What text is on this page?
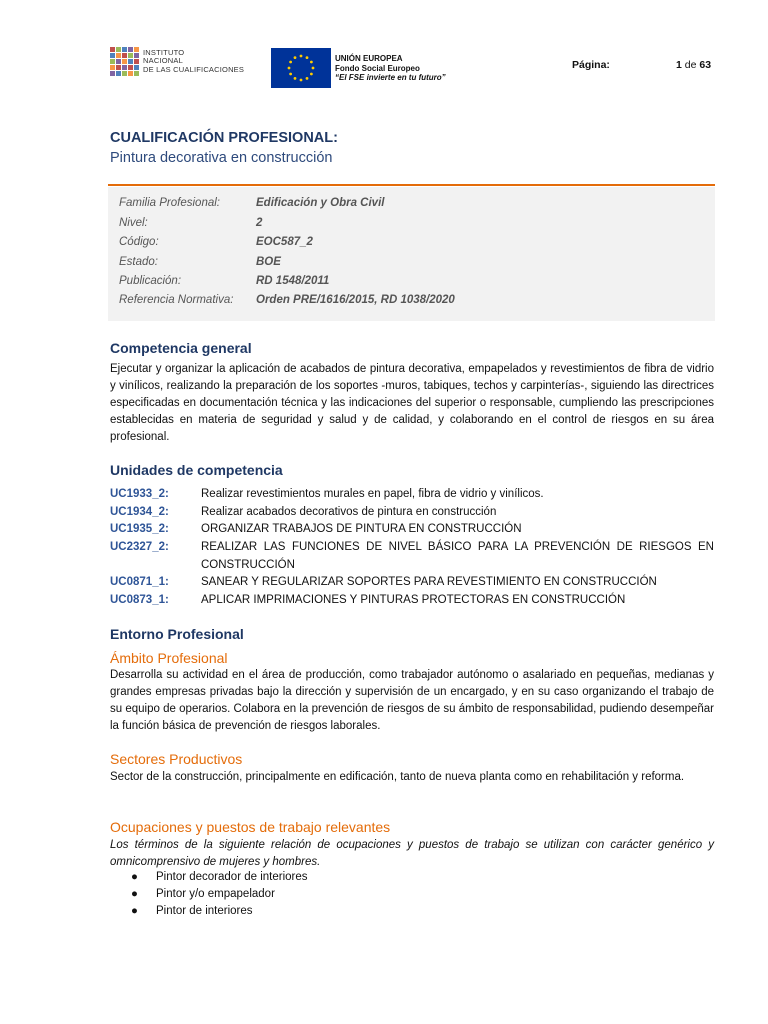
INSTITUTO
NACIONAL
DE LAS CUALIFICACIONES
UNIÓN EUROPEA
Fondo Social Europeo
“El FSE invierte en tu futuro”
Página:	1 de 63
CUALIFICACIÓN PROFESIONAL:
Pintura decorativa en construcción
Familia Profesional:	Edificación y Obra Civil
Nivel:	2
Código:	EOC587_2
Estado:	BOE
Publicación:	RD 1548/2011
Referencia Normativa: Orden PRE/1616/2015, RD 1038/2020
Competencia general
Ejecutar y organizar la aplicación de acabados de pintura decorativa, empapelados y revestimientos de fibra de vidrio y vinílicos, realizando la preparación de los soportes -muros, tabiques, techos y carpinterías-, siguiendo las directrices especificadas en documentación técnica y las indicaciones del superior o responsable, cumpliendo las prescripciones establecidas en materia de seguridad y salud y de calidad, y colaborando en el control de riesgos en su área profesional.
Unidades de competencia
UC1933_2:	Realizar revestimientos murales en papel, fibra de vidrio y vinílicos.
UC1934_2:	Realizar acabados decorativos de pintura en construcción
UC1935_2:	ORGANIZAR TRABAJOS DE PINTURA EN CONSTRUCCIÓN
UC2327_2:	REALIZAR LAS FUNCIONES DE NIVEL BÁSICO PARA LA PREVENCIÓN DE RIESGOS EN CONSTRUCCIÓN
UC0871_1:	SANEAR Y REGULARIZAR SOPORTES PARA REVESTIMIENTO EN CONSTRUCCIÓN
UC0873_1:	APLICAR IMPRIMACIONES Y PINTURAS PROTECTORAS EN CONSTRUCCIÓN
Entorno Profesional
Ámbito Profesional
Desarrolla su actividad en el área de producción, como trabajador autónomo o asalariado en pequeñas, medianas y grandes empresas privadas bajo la dirección y supervisión de un encargado, y en su caso organizando el trabajo de su equipo de operarios. Colabora en la prevención de riesgos de su ámbito de responsabilidad, pudiendo desempeñar la función básica de prevención de riesgos laborales.
Sectores Productivos
Sector de la construcción, principalmente en edificación, tanto de nueva planta como en rehabilitación y reforma.
Ocupaciones y puestos de trabajo relevantes
Los términos de la siguiente relación de ocupaciones y puestos de trabajo se utilizan con carácter genérico y omnicomprensivo de mujeres y hombres.
● Pintor decorador de interiores
● Pintor y/o empapelador
● Pintor de interiores
